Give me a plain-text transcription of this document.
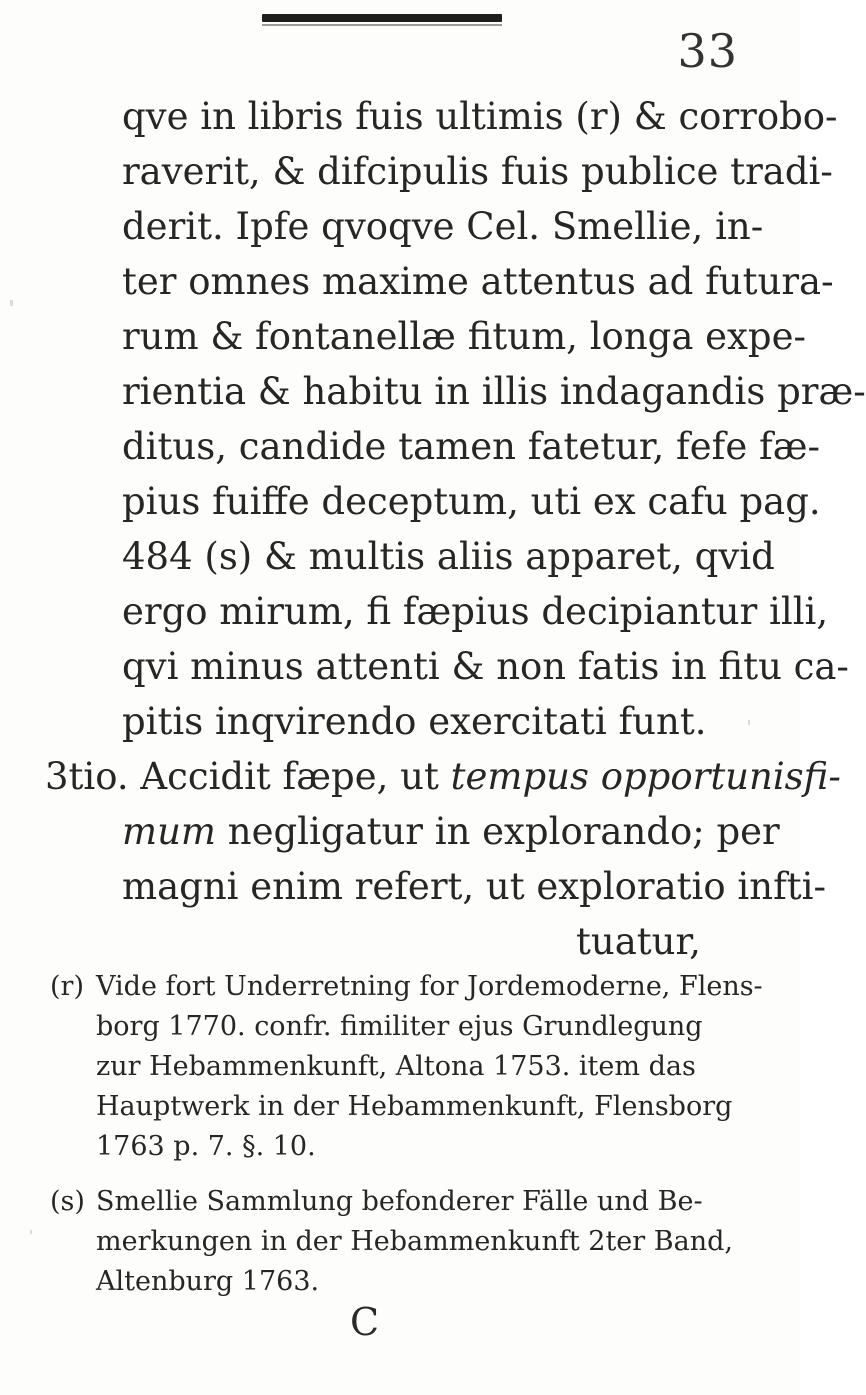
33
qve in libris fuis ultimis (r) & corrobo-
raverit, & difcipulis fuis publice tradi-
derit. Ipfe qvoqve Cel. Smellie, in-
ter omnes maxime attentus ad futura-
rum & fontanellæ fitum, longa expe-
rientia & habitu in illis indagandis præ-
ditus, candide tamen fatetur, fefe fæ-
pius fuiffe deceptum, uti ex cafu pag.
484 (s) & multis aliis apparet, qvid
ergo mirum, fi fæpius decipiantur illi,
qvi minus attenti & non fatis in fitu ca-
pitis inqvirendo exercitati funt.
3tio. Accidit fæpe, ut tempus opportunisfi-
mum negligatur in explorando; per
magni enim refert, ut exploratio infti-
tuatur,
(r) Vide fort Underretning for Jordemoderne, Flens-
borg 1770. confr. fimiliter ejus Grundlegung
zur Hebammenkunft, Altona 1753. item das
Hauptwerk in der Hebammenkunft, Flensborg
1763 p. 7. §. 10.
(s) Smellie Sammlung befonderer Fälle und Be-
merkungen in der Hebammenkunft 2ter Band,
Altenburg 1763.
C
